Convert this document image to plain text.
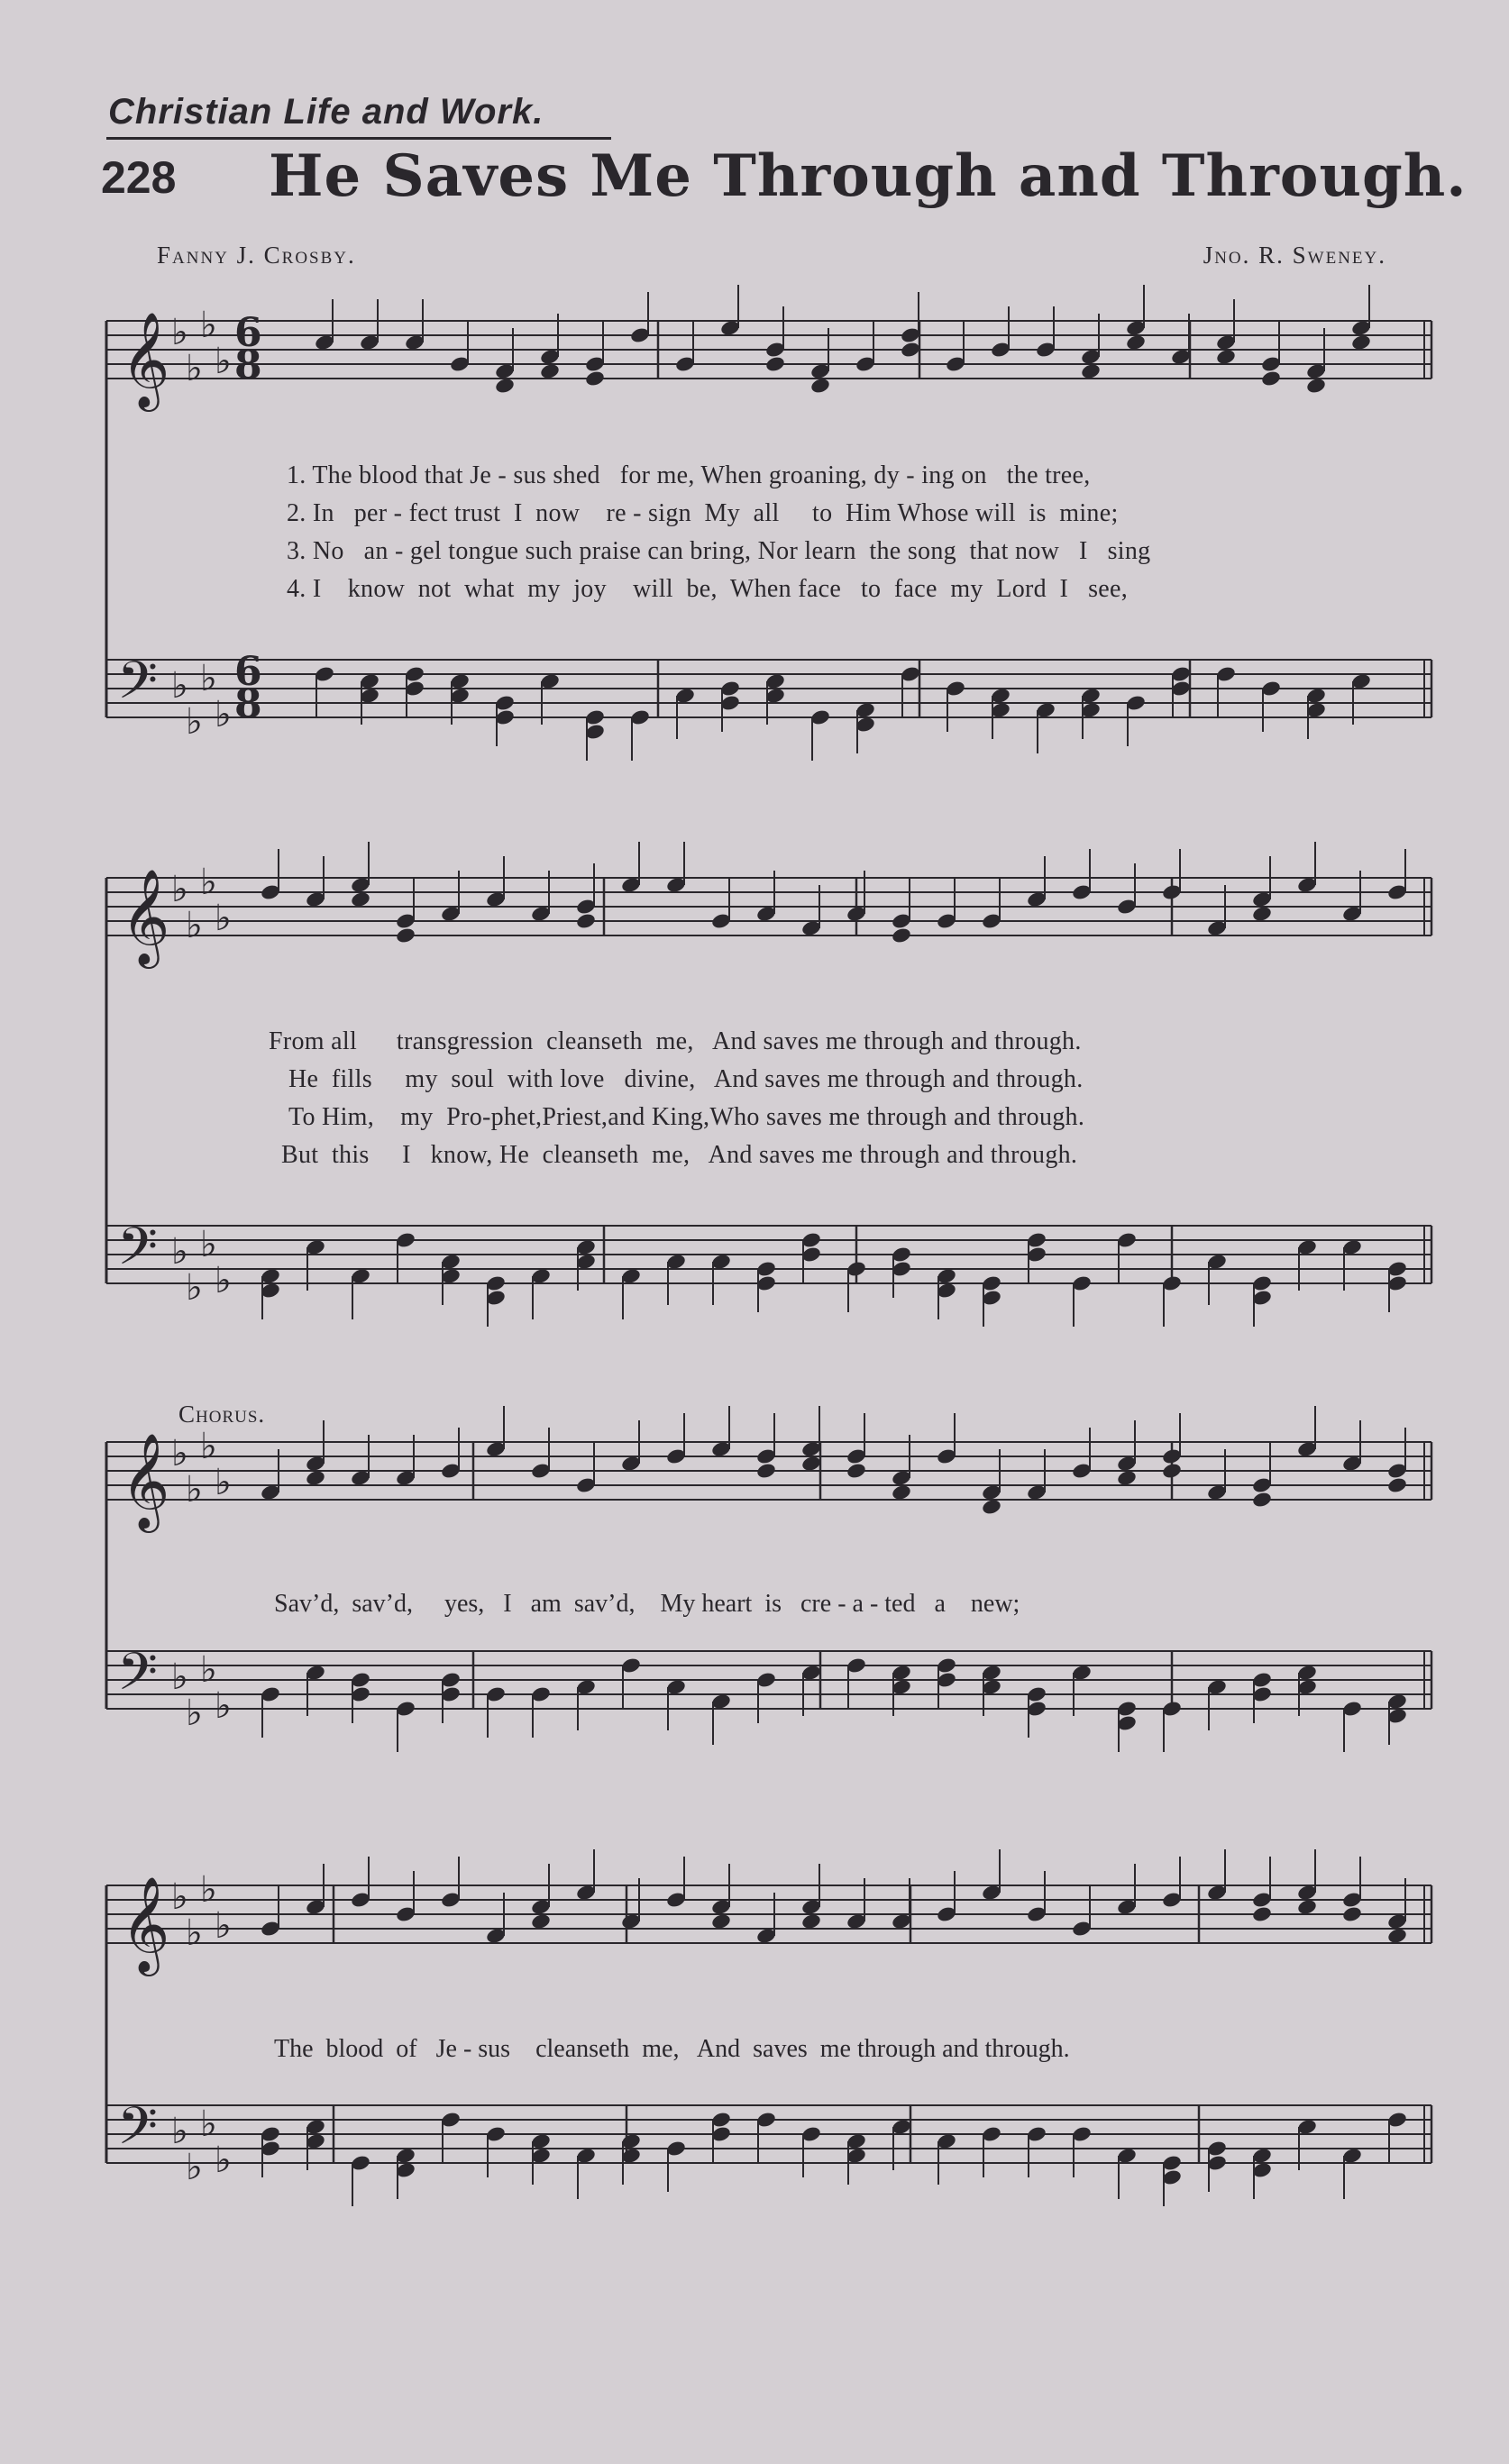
Christian Life and Work.
228 He Saves Me Through and Through.
Fanny J. Crosby.	Jno. R. Sweney.
Chorus.
1. The blood that Je - sus shed   for me, When groaning, dy - ing on   the tree,
2. In   per - fect trust  I  now    re - sign  My  all     to  Him Whose will  is  mine;
3. No   an - gel tongue such praise can bring, Nor learn  the song  that now   I   sing
4. I    know  not  what  my  joy    will  be,  When face   to  face  my  Lord  I   see,
From all      transgression  cleanseth  me,   And saves me through and through.
He  fills     my  soul  with love   divine,   And saves me through and through.
To Him,    my  Pro-phet,Priest,and King,Who saves me through and through.
But  this     I   know, He  cleanseth  me,   And saves me through and through.
Sav’d,  sav’d,     yes,   I   am  sav’d,    My heart  is   cre - a - ted   a    new;
The  blood  of   Je - sus    cleanseth  me,   And  saves  me through and through.
𝄞 ♭
♭
♭
♭
6
8
𝄢 ♭
♭
♭
♭
6
8
𝄞 ♭
♭
♭
♭
𝄢 ♭
♭
♭
♭
𝄞 ♭
♭
♭
♭
𝄢 ♭
♭
♭
♭
𝄞 ♭
♭
♭
♭
𝄢 ♭
♭
♭
♭
